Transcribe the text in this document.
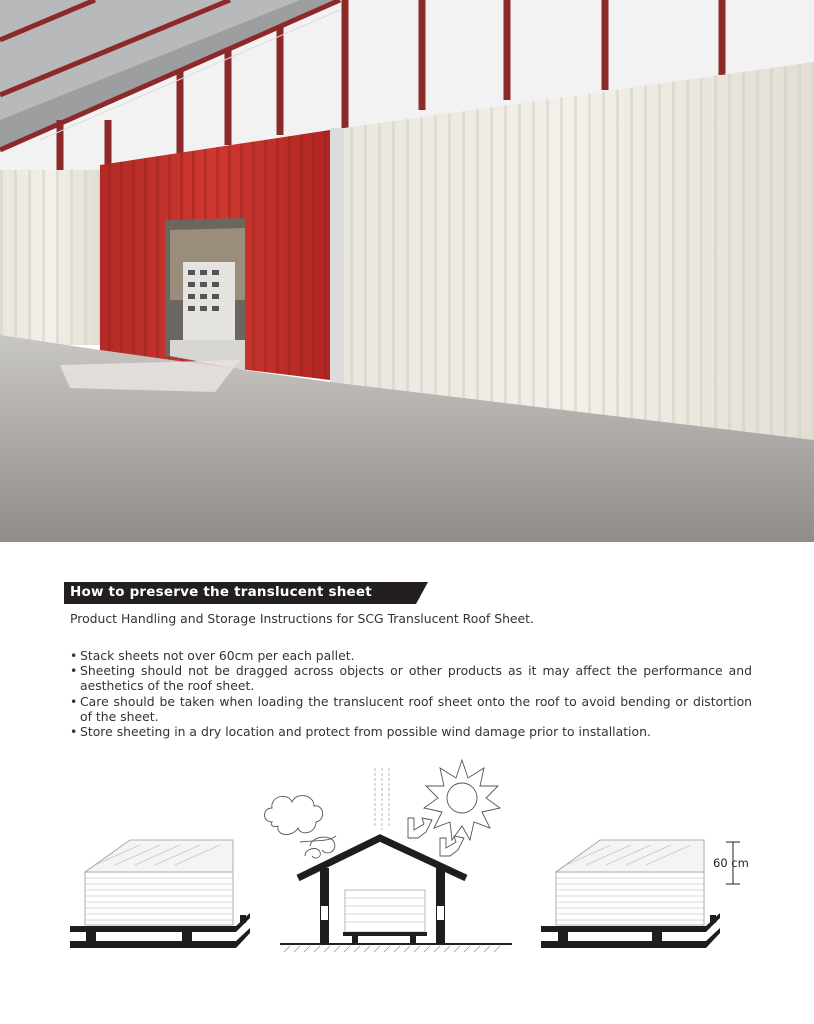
How to preserve the translucent sheet
Product Handling and Storage Instructions for SCG Translucent Roof Sheet.
• Stack sheets not over 60cm per each pallet.
• Sheeting should not be dragged across objects or other products as it may affect the performance and aesthetics of the roof sheet.
• Care should be taken when loading the translucent roof sheet onto the roof to avoid bending or distortion of the sheet.
• Store sheeting in a dry location and protect from possible wind damage prior to installation.
60 cm
